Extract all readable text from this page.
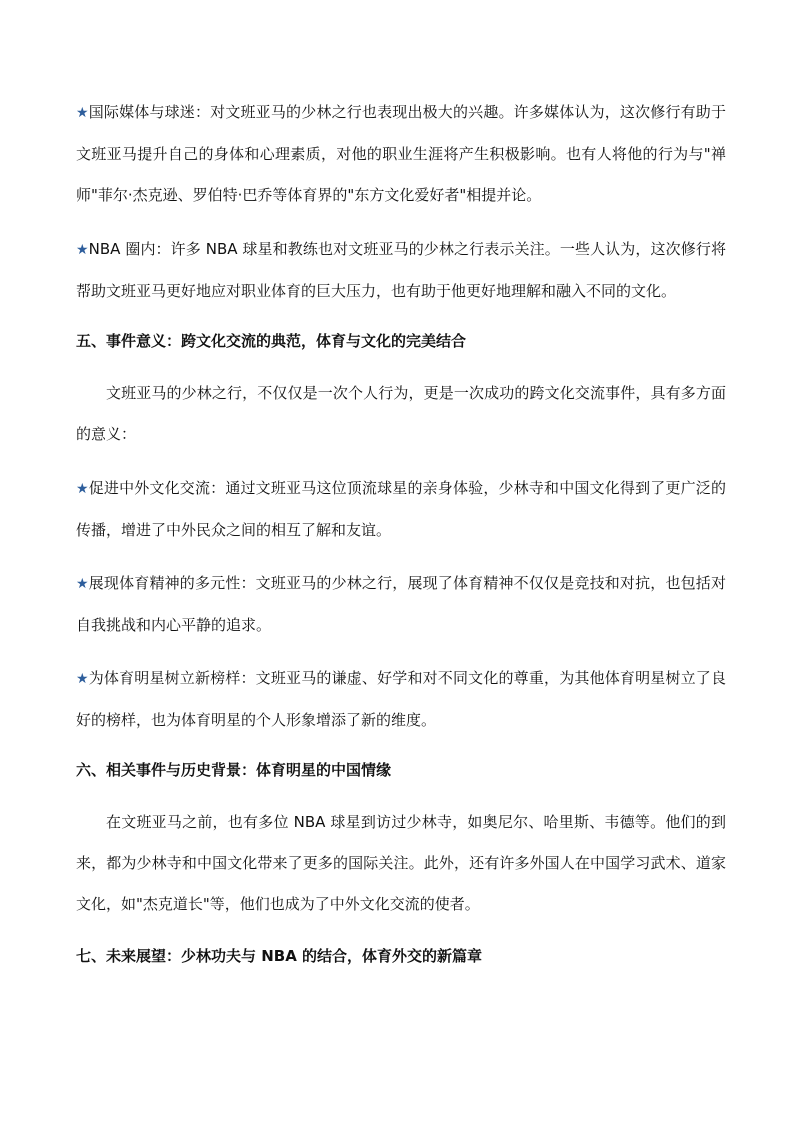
★国际媒体与球迷：对文班亚马的少林之行也表现出极大的兴趣。许多媒体认为，这次修行有助于文班亚马提升自己的身体和心理素质，对他的职业生涯将产生积极影响。也有人将他的行为与"禅师"菲尔·杰克逊、罗伯特·巴乔等体育界的"东方文化爱好者"相提并论。

★NBA 圈内：许多 NBA 球星和教练也对文班亚马的少林之行表示关注。一些人认为，这次修行将帮助文班亚马更好地应对职业体育的巨大压力，也有助于他更好地理解和融入不同的文化。

五、事件意义：跨文化交流的典范，体育与文化的完美结合

文班亚马的少林之行，不仅仅是一次个人行为，更是一次成功的跨文化交流事件，具有多方面的意义：

★促进中外文化交流：通过文班亚马这位顶流球星的亲身体验，少林寺和中国文化得到了更广泛的传播，增进了中外民众之间的相互了解和友谊。

★展现体育精神的多元性：文班亚马的少林之行，展现了体育精神不仅仅是竞技和对抗，也包括对自我挑战和内心平静的追求。

★为体育明星树立新榜样：文班亚马的谦虚、好学和对不同文化的尊重，为其他体育明星树立了良好的榜样，也为体育明星的个人形象增添了新的维度。

六、相关事件与历史背景：体育明星的中国情缘

在文班亚马之前，也有多位 NBA 球星到访过少林寺，如奥尼尔、哈里斯、韦德等。他们的到来，都为少林寺和中国文化带来了更多的国际关注。此外，还有许多外国人在中国学习武术、道家文化，如"杰克道长"等，他们也成为了中外文化交流的使者。

七、未来展望：少林功夫与 NBA 的结合，体育外交的新篇章
